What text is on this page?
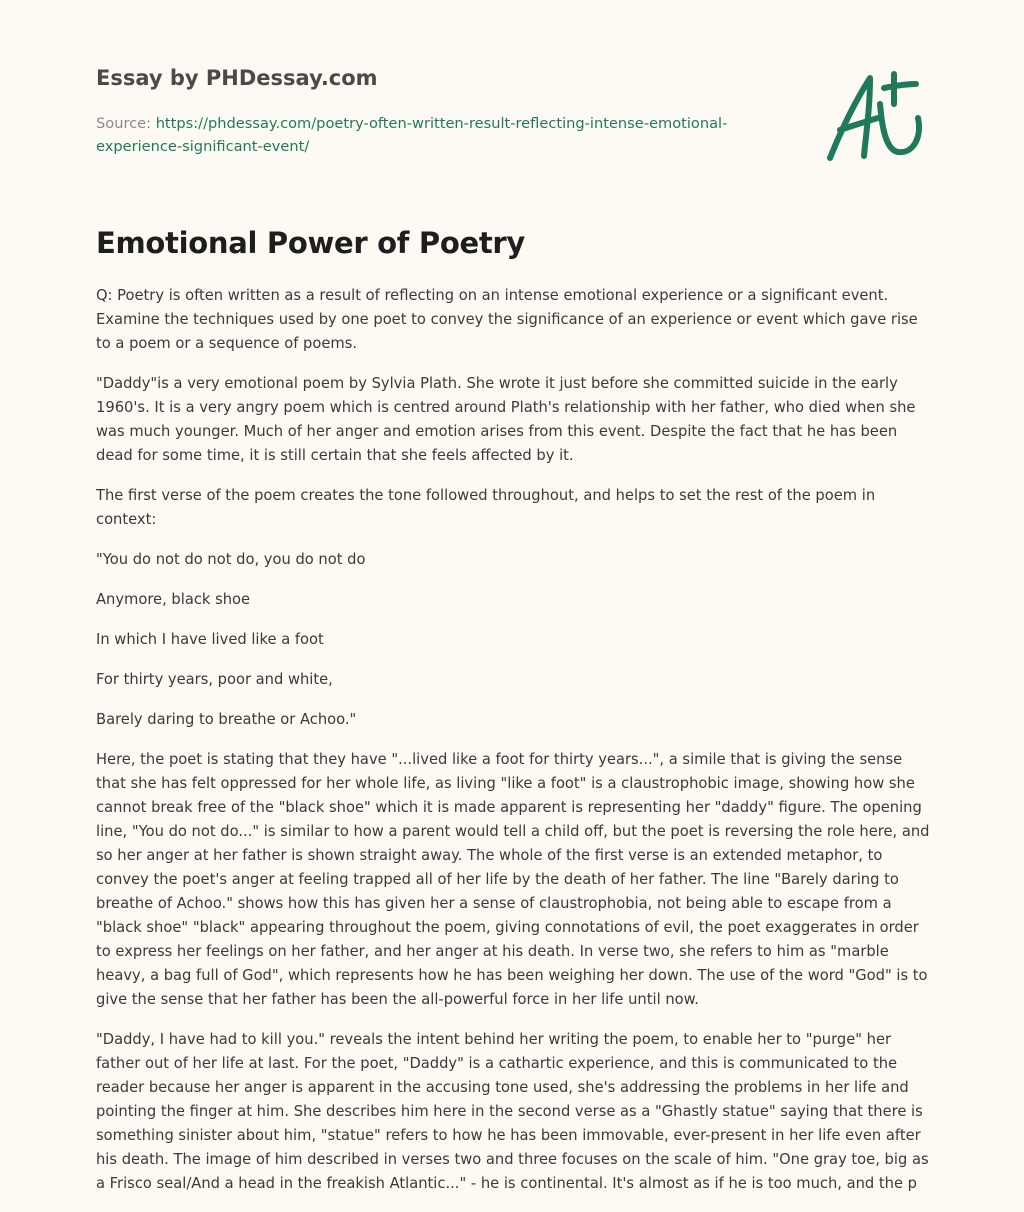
Essay by PHDessay.com
Source: https://phdessay.com/poetry-often-written-result-reflecting-intense-emotional-experience-significant-event/
Emotional Power of Poetry

Q: Poetry is often written as a result of reflecting on an intense emotional experience or a significant event. Examine the techniques used by one poet to convey the significance of an experience or event which gave rise to a poem or a sequence of poems.

"Daddy"is a very emotional poem by Sylvia Plath. She wrote it just before she committed suicide in the early 1960's. It is a very angry poem which is centred around Plath's relationship with her father, who died when she was much younger. Much of her anger and emotion arises from this event. Despite the fact that he has been dead for some time, it is still certain that she feels affected by it.

The first verse of the poem creates the tone followed throughout, and helps to set the rest of the poem in context:

"You do not do not do, you do not do

Anymore, black shoe

In which I have lived like a foot

For thirty years, poor and white,

Barely daring to breathe or Achoo."

Here, the poet is stating that they have "...lived like a foot for thirty years...", a simile that is giving the sense that she has felt oppressed for her whole life, as living "like a foot" is a claustrophobic image, showing how she cannot break free of the "black shoe" which it is made apparent is representing her "daddy" figure. The opening line, "You do not do..." is similar to how a parent would tell a child off, but the poet is reversing the role here, and so her anger at her father is shown straight away. The whole of the first verse is an extended metaphor, to convey the poet's anger at feeling trapped all of her life by the death of her father. The line "Barely daring to breathe of Achoo." shows how this has given her a sense of claustrophobia, not being able to escape from a "black shoe" "black" appearing throughout the poem, giving connotations of evil, the poet exaggerates in order to express her feelings on her father, and her anger at his death. In verse two, she refers to him as "marble heavy, a bag full of God", which represents how he has been weighing her down. The use of the word "God" is to give the sense that her father has been the all-powerful force in her life until now.

"Daddy, I have had to kill you." reveals the intent behind her writing the poem, to enable her to "purge" her father out of her life at last. For the poet, "Daddy" is a cathartic experience, and this is communicated to the reader because her anger is apparent in the accusing tone used, she's addressing the problems in her life and pointing the finger at him. She describes him here in the second verse as a "Ghastly statue" saying that there is something sinister about him, "statue" refers to how he has been immovable, ever-present in her life even after his death. The image of him described in verses two and three focuses on the scale of him. "One gray toe, big as a Frisco seal/And a head in the freakish Atlantic..." - he is continental. It's almost as if he is too much, and the p
